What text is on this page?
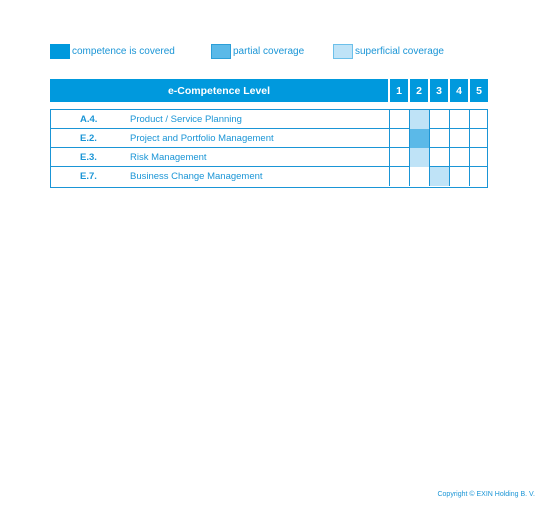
competence is covered	partial coverage	superficial coverage
e-Competence Level	1	2	3	4	5
A.4.	Product / Service Planning
E.2.	Project and Portfolio Management
E.3.	Risk Management
E.7.	Business Change Management
Copyright © EXIN Holding B. V.
